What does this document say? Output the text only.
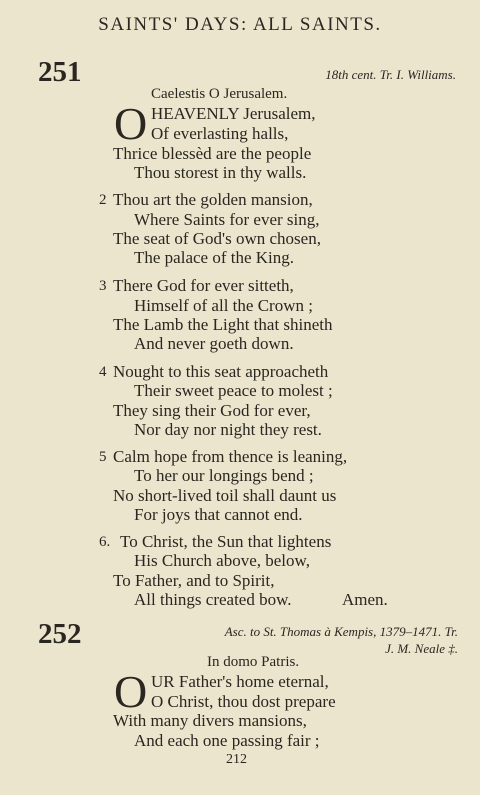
SAINTS' DAYS: ALL SAINTS.
251	18th cent. Tr. I. Williams.
Caelestis O Jerusalem.
O HEAVENLY Jerusalem,
Of everlasting halls,
Thrice blessèd are the people
Thou storest in thy walls.
2 Thou art the golden mansion,
Where Saints for ever sing,
The seat of God's own chosen,
The palace of the King.
3 There God for ever sitteth,
Himself of all the Crown ;
The Lamb the Light that shineth
And never goeth down.
4 Nought to this seat approacheth
Their sweet peace to molest ;
They sing their God for ever,
Nor day nor night they rest.
5 Calm hope from thence is leaning,
To her our longings bend ;
No short-lived toil shall daunt us
For joys that cannot end.
6. To Christ, the Sun that lightens
His Church above, below,
To Father, and to Spirit,
All things created bow.	Amen.
252	Asc. to St. Thomas à Kempis, 1379–1471. Tr.
J. M. Neale ‡.
In domo Patris.
O UR Father's home eternal,
O Christ, thou dost prepare
With many divers mansions,
And each one passing fair ;
212
